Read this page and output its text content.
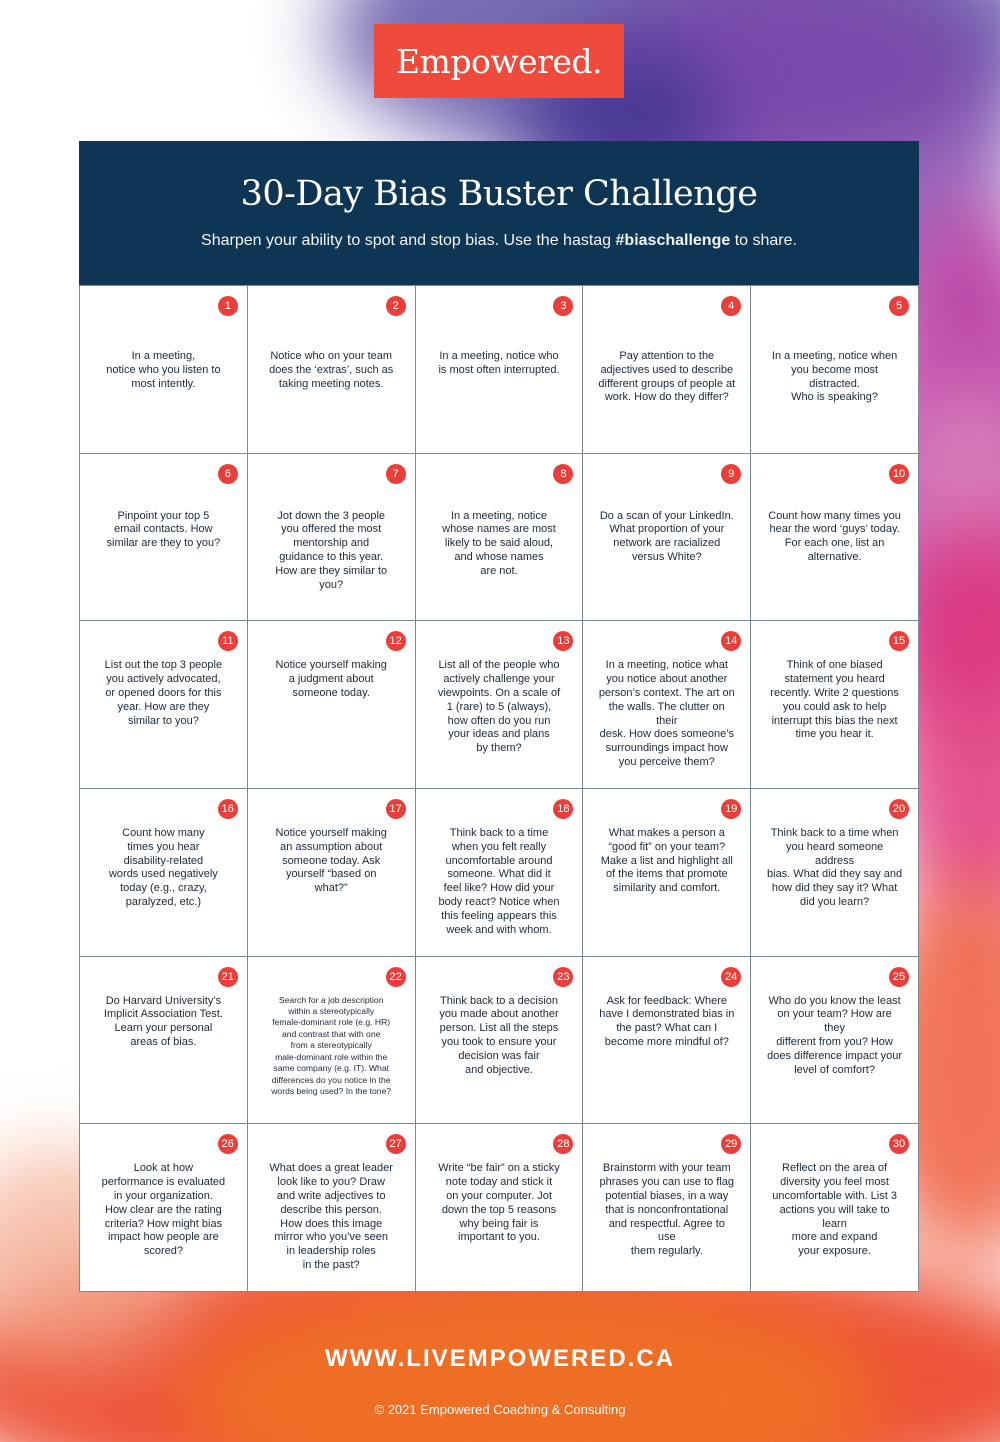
Empowered.
30-Day Bias Buster Challenge
Sharpen your ability to spot and stop bias. Use the hastag #biaschallenge to share.
1
In a meeting,
notice who you listen to
most intently.
2
Notice who on your team
does the ‘extras’, such as
taking meeting notes.
3
In a meeting, notice who
is most often interrupted.
4
Pay attention to the
adjectives used to describe
different groups of people at
work. How do they differ?
5
In a meeting, notice when
you become most distracted.
Who is speaking?
6
Pinpoint your top 5
email contacts. How
similar are they to you?
7
Jot down the 3 people
you offered the most
mentorship and
guidance to this year.
How are they similar to
you?
8
In a meeting, notice
whose names are most
likely to be said aloud,
and whose names
are not.
9
Do a scan of your LinkedIn.
What proportion of your
network are racialized
versus White?
10
Count how many times you
hear the word ‘guys’ today.
For each one, list an
alternative.
11
List out the top 3 people
you actively advocated,
or opened doors for this
year. How are they
similar to you?
12
Notice yourself making
a judgment about
someone today.
13
List all of the people who
actively challenge your
viewpoints. On a scale of
1 (rare) to 5 (always),
how often do you run
your ideas and plans
by them?
14
In a meeting, notice what
you notice about another
person’s context. The art on
the walls. The clutter on their
desk. How does someone’s
surroundings impact how
you perceive them?
15
Think of one biased
statement you heard
recently. Write 2 questions
you could ask to help
interrupt this bias the next
time you hear it.
16
Count how many
times you hear
disability-related
words used negatively
today (e.g., crazy,
paralyzed, etc.)
17
Notice yourself making
an assumption about
someone today. Ask
yourself “based on
what?”
18
Think back to a time
when you felt really
uncomfortable around
someone. What did it
feel like? How did your
body react? Notice when
this feeling appears this
week and with whom.
19
What makes a person a
“good fit” on your team?
Make a list and highlight all
of the items that promote
similarity and comfort.
20
Think back to a time when
you heard someone address
bias. What did they say and
how did they say it? What
did you learn?
21
Do Harvard University’s
Implicit Association Test.
Learn your personal
areas of bias.
22
Search for a job description
within a stereotypically
female-dominant role (e.g. HR)
and contrast that with one
from a stereotypically
male-dominant role within the
same company (e.g. IT). What
differences do you notice in the
words being used? In the tone?
23
Think back to a decision
you made about another
person. List all the steps
you took to ensure your
decision was fair
and objective.
24
Ask for feedback: Where
have I demonstrated bias in
the past? What can I
become more mindful of?
25
Who do you know the least
on your team? How are they
different from you? How
does difference impact your
level of comfort?
26
Look at how
performance is evaluated
in your organization.
How clear are the rating
criteria? How might bias
impact how people are
scored?
27
What does a great leader
look like to you? Draw
and write adjectives to
describe this person.
How does this image
mirror who you’ve seen
in leadership roles
in the past?
28
Write “be fair” on a sticky
note today and stick it
on your computer. Jot
down the top 5 reasons
why being fair is
important to you.
29
Brainstorm with your team
phrases you can use to flag
potential biases, in a way
that is nonconfrontational
and respectful. Agree to use
them regularly.
30
Reflect on the area of
diversity you feel most
uncomfortable with. List 3
actions you will take to learn
more and expand
your exposure.
WWW.LIVEMPOWERED.CA
© 2021 Empowered Coaching & Consulting
